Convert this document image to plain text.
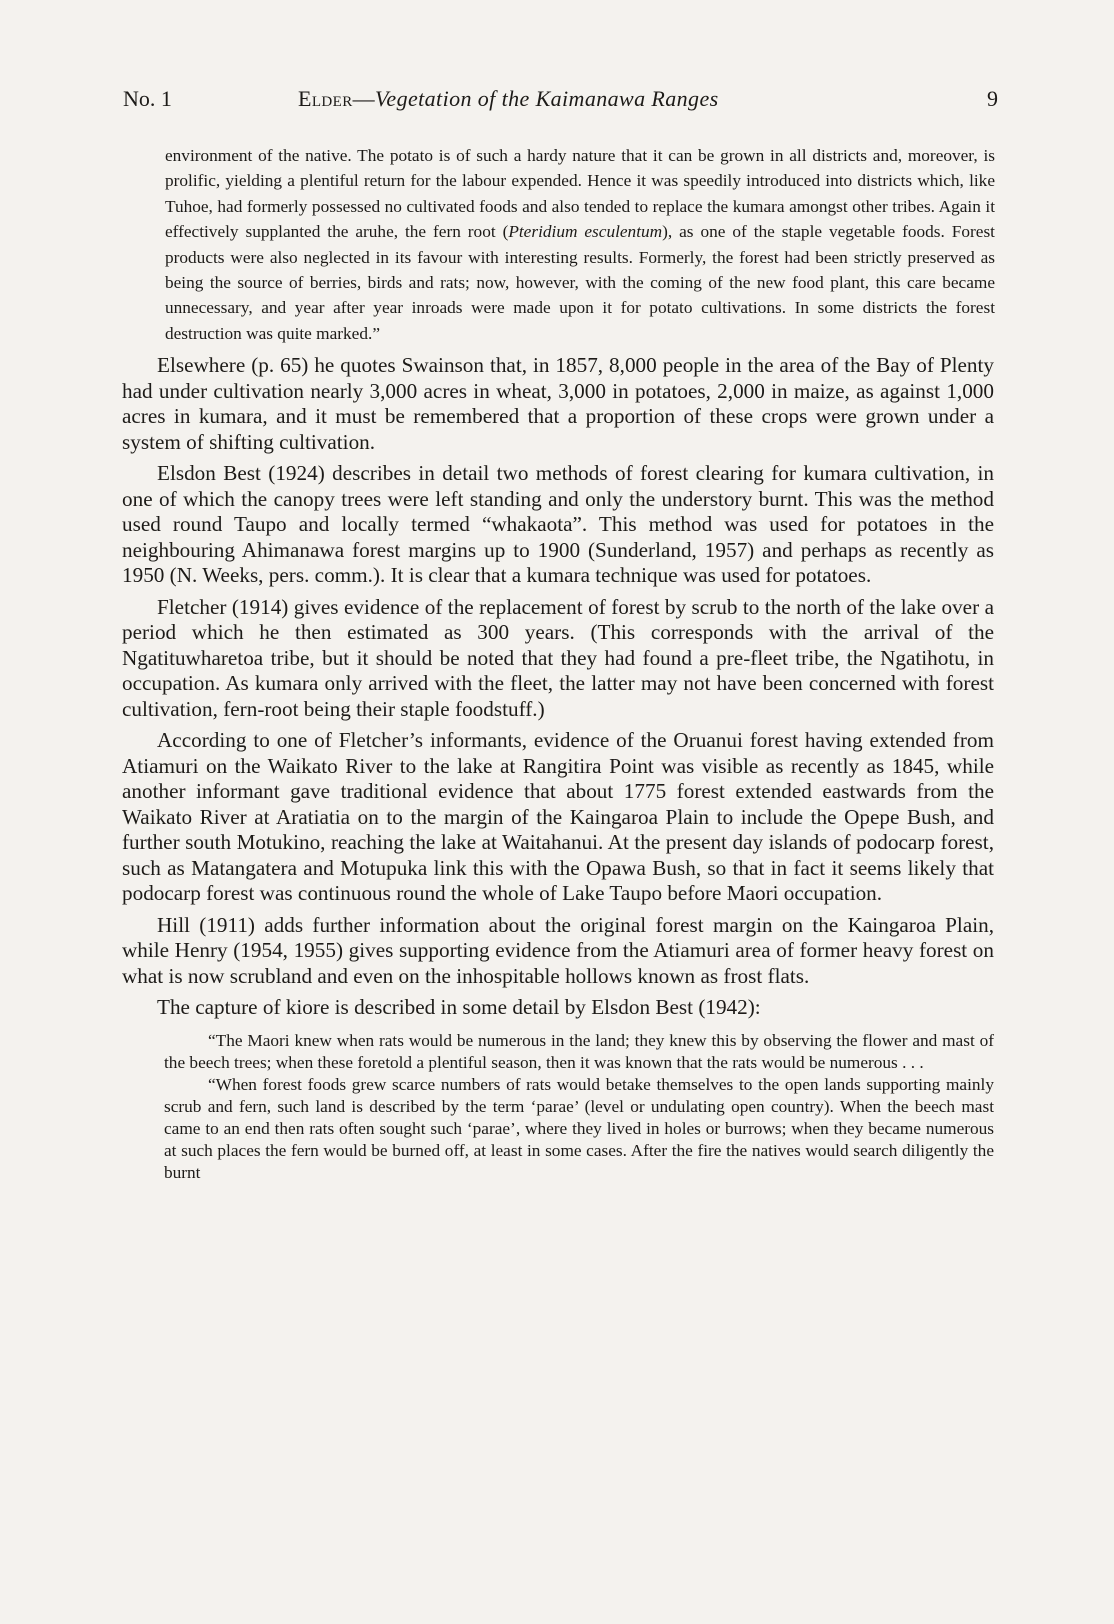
No. 1	Elder—Vegetation of the Kaimanawa Ranges	9

environment of the native. The potato is of such a hardy nature that it can be grown in all districts and, moreover, is prolific, yielding a plentiful return for the labour expended. Hence it was speedily introduced into districts which, like Tuhoe, had formerly possessed no cultivated foods and also tended to replace the kumara amongst other tribes. Again it effectively supplanted the aruhe, the fern root (Pteridium esculentum), as one of the staple vegetable foods. Forest products were also neglected in its favour with interesting results. Formerly, the forest had been strictly preserved as being the source of berries, birds and rats; now, however, with the coming of the new food plant, this care became unnecessary, and year after year inroads were made upon it for potato cultivations. In some districts the forest destruction was quite marked.”

Elsewhere (p. 65) he quotes Swainson that, in 1857, 8,000 people in the area of the Bay of Plenty had under cultivation nearly 3,000 acres in wheat, 3,000 in potatoes, 2,000 in maize, as against 1,000 acres in kumara, and it must be remembered that a proportion of these crops were grown under a system of shifting cultivation.

Elsdon Best (1924) describes in detail two methods of forest clearing for kumara cultivation, in one of which the canopy trees were left standing and only the understory burnt. This was the method used round Taupo and locally termed “whakaota”. This method was used for potatoes in the neighbouring Ahimanawa forest margins up to 1900 (Sunderland, 1957) and perhaps as recently as 1950 (N. Weeks, pers. comm.). It is clear that a kumara technique was used for potatoes.

Fletcher (1914) gives evidence of the replacement of forest by scrub to the north of the lake over a period which he then estimated as 300 years. (This corresponds with the arrival of the Ngatituwharetoa tribe, but it should be noted that they had found a pre-fleet tribe, the Ngatihotu, in occupation. As kumara only arrived with the fleet, the latter may not have been concerned with forest cultivation, fern-root being their staple foodstuff.)

According to one of Fletcher’s informants, evidence of the Oruanui forest having extended from Atiamuri on the Waikato River to the lake at Rangitira Point was visible as recently as 1845, while another informant gave traditional evidence that about 1775 forest extended eastwards from the Waikato River at Aratiatia on to the margin of the Kaingaroa Plain to include the Opepe Bush, and further south Motukino, reaching the lake at Waitahanui. At the present day islands of podocarp forest, such as Matangatera and Motupuka link this with the Opawa Bush, so that in fact it seems likely that podocarp forest was continuous round the whole of Lake Taupo before Maori occupation.

Hill (1911) adds further information about the original forest margin on the Kaingaroa Plain, while Henry (1954, 1955) gives supporting evidence from the Atiamuri area of former heavy forest on what is now scrubland and even on the inhospitable hollows known as frost flats.

The capture of kiore is described in some detail by Elsdon Best (1942):

“The Maori knew when rats would be numerous in the land; they knew this by observing the flower and mast of the beech trees; when these foretold a plentiful season, then it was known that the rats would be numerous . . .

“When forest foods grew scarce numbers of rats would betake themselves to the open lands supporting mainly scrub and fern, such land is described by the term ‘parae’ (level or undulating open country). When the beech mast came to an end then rats often sought such ‘parae’, where they lived in holes or burrows; when they became numerous at such places the fern would be burned off, at least in some cases. After the fire the natives would search diligently the burnt
